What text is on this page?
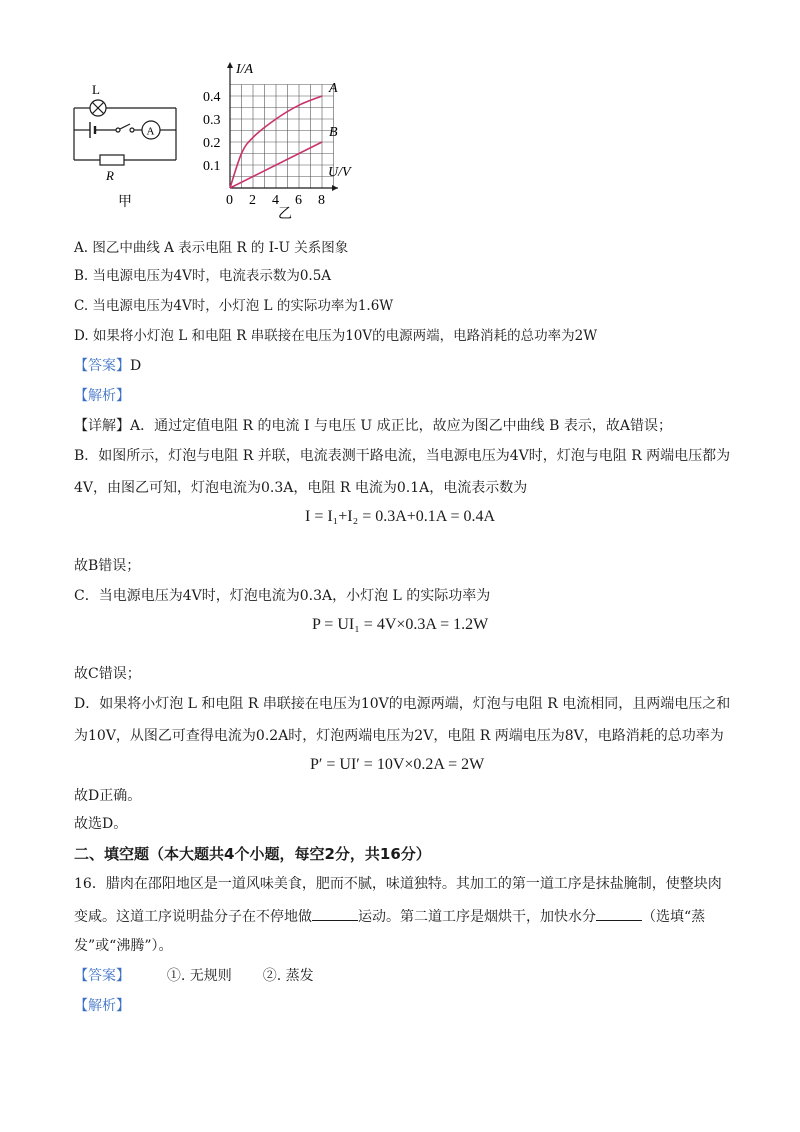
L
A
R
甲
0.4
0.3
0.2
0.1
0 2 4 6 8
I/A
U/V
A
B
乙
A. 图乙中曲线 A 表示电阻 R 的 I-U 关系图象
B. 当电源电压为4V时，电流表示数为0.5A
C. 当电源电压为4V时，小灯泡 L 的实际功率为1.6W
D. 如果将小灯泡 L 和电阻 R 串联接在电压为10V的电源两端，电路消耗的总功率为2W
【答案】D
【解析】
【详解】A．通过定值电阻 R 的电流 I 与电压 U 成正比，故应为图乙中曲线 B 表示，故A错误；
B．如图所示，灯泡与电阻 R 并联，电流表测干路电流，当电源电压为4V时，灯泡与电阻 R 两端电压都为
4V，由图乙可知，灯泡电流为0.3A，电阻 R 电流为0.1A，电流表示数为
I = I₁+I₂ = 0.3A+0.1A = 0.4A
故B错误；
C．当电源电压为4V时，灯泡电流为0.3A，小灯泡 L 的实际功率为
P = UI₁ = 4V×0.3A = 1.2W
故C错误；
D．如果将小灯泡 L 和电阻 R 串联接在电压为10V的电源两端，灯泡与电阻 R 电流相同，且两端电压之和
为10V，从图乙可查得电流为0.2A时，灯泡两端电压为2V，电阻 R 两端电压为8V，电路消耗的总功率为
P′ = UI′ = 10V×0.2A = 2W
故D正确。
故选D。
二、填空题（本大题共4个小题，每空2分，共16分）
16．腊肉在邵阳地区是一道风味美食，肥而不腻，味道独特。其加工的第一道工序是抹盐腌制，使整块肉
变咸。这道工序说明盐分子在不停地做	运动。第二道工序是烟烘干，加快水分	（选填“蒸
发”或“沸腾”）。
【答案】	①. 无规则 ②. 蒸发
【解析】
